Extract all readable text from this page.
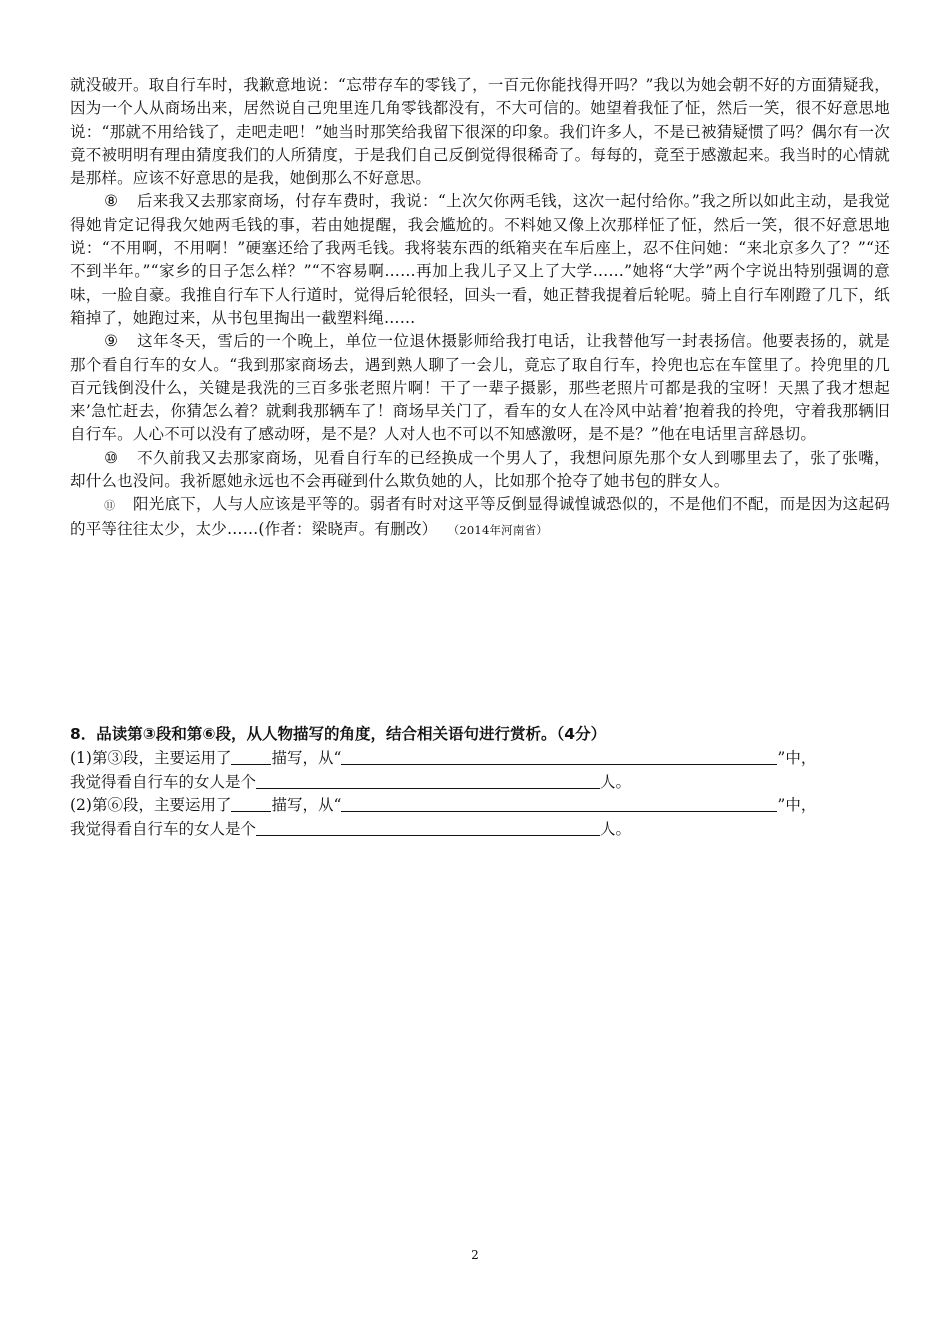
就没破开。取自行车时，我歉意地说：“忘带存车的零钱了，一百元你能找得开吗？”我以为她会朝不好的方面猜疑我，因为一个人从商场出来，居然说自己兜里连几角零钱都没有，不大可信的。她望着我怔了怔，然后一笑，很不好意思地说：“那就不用给钱了，走吧走吧！”她当时那笑给我留下很深的印象。我们许多人，不是已被猜疑惯了吗？偶尔有一次竟不被明明有理由猜度我们的人所猜度，于是我们自己反倒觉得很稀奇了。每每的，竟至于感激起来。我当时的心情就是那样。应该不好意思的是我，她倒那么不好意思。

⑧ 后来我又去那家商场，付存车费时，我说：“上次欠你两毛钱，这次一起付给你。”我之所以如此主动，是我觉得她肯定记得我欠她两毛钱的事，若由她提醒，我会尴尬的。不料她又像上次那样怔了怔，然后一笑，很不好意思地说：“不用啊，不用啊！”硬塞还给了我两毛钱。我将装东西的纸箱夹在车后座上，忍不住问她：“来北京多久了？”“还不到半年。”“家乡的日子怎么样？”“不容易啊……再加上我儿子又上了大学……”她将“大学”两个字说出特别强调的意味，一脸自豪。我推自行车下人行道时，觉得后轮很轻，回头一看，她正替我提着后轮呢。骑上自行车刚蹬了几下，纸箱掉了，她跑过来，从书包里掏出一截塑料绳……

⑨ 这年冬天，雪后的一个晚上，单位一位退休摄影师给我打电话，让我替他写一封表扬信。他要表扬的，就是那个看自行车的女人。“我到那家商场去，遇到熟人聊了一会儿，竟忘了取自行车，拎兜也忘在车筐里了。拎兜里的几百元钱倒没什么，关键是我洗的三百多张老照片啊！干了一辈子摄影，那些老照片可都是我的宝呀！天黑了我才想起来’急忙赶去，你猜怎么着？就剩我那辆车了！商场早关门了，看车的女人在冷风中站着’抱着我的拎兜，守着我那辆旧自行车。人心不可以没有了感动呀，是不是？人对人也不可以不知感激呀，是不是？”他在电话里言辞恳切。

⑩ 不久前我又去那家商场，见看自行车的已经换成一个男人了，我想问原先那个女人到哪里去了，张了张嘴，却什么也没问。我祈愿她永远也不会再碰到什么欺负她的人，比如那个抢夺了她书包的胖女人。

⑪ 阳光底下，人与人应该是平等的。弱者有时对这平等反倒显得诚惶诚恐似的，不是他们不配，而是因为这起码的平等往往太少，太少……(作者：梁晓声。有删改） （2014年河南省）

8．品读第③段和第⑥段，从人物描写的角度，结合相关语句进行赏析。（4分）

(1)第③段，主要运用了	描写，从“	”中，

我觉得看自行车的女人是个	人。

(2)第⑥段，主要运用了	描写，从“	”中，

我觉得看自行车的女人是个	人。

2
